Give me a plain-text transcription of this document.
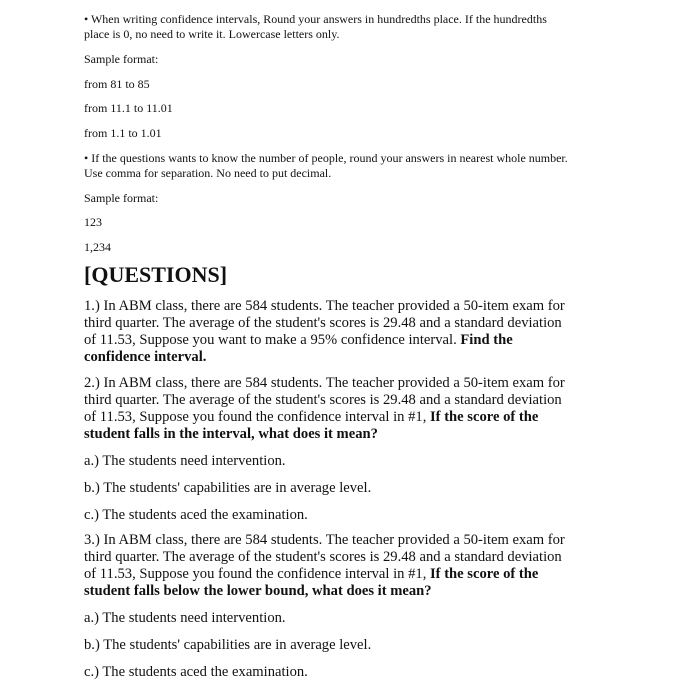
• When writing confidence intervals, Round your answers in hundredths place. If the hundredths place is 0, no need to write it. Lowercase letters only.

Sample format:

from 81 to 85

from 11.1 to 11.01

from 1.1 to 1.01

• If the questions wants to know the number of people, round your answers in nearest whole number. Use comma for separation. No need to put decimal.

Sample format:

123

1,234

[QUESTIONS]

1.) In ABM class, there are 584 students. The teacher provided a 50-item exam for third quarter. The average of the student's scores is 29.48 and a standard deviation of 11.53, Suppose you want to make a 95% confidence interval. Find the confidence interval.

2.) In ABM class, there are 584 students. The teacher provided a 50-item exam for third quarter. The average of the student's scores is 29.48 and a standard deviation of 11.53, Suppose you found the confidence interval in #1, If the score of the student falls in the interval, what does it mean?

a.) The students need intervention.

b.) The students' capabilities are in average level.

c.) The students aced the examination.

3.) In ABM class, there are 584 students. The teacher provided a 50-item exam for third quarter. The average of the student's scores is 29.48 and a standard deviation of 11.53, Suppose you found the confidence interval in #1, If the score of the student falls below the lower bound, what does it mean?

a.) The students need intervention.

b.) The students' capabilities are in average level.

c.) The students aced the examination.
